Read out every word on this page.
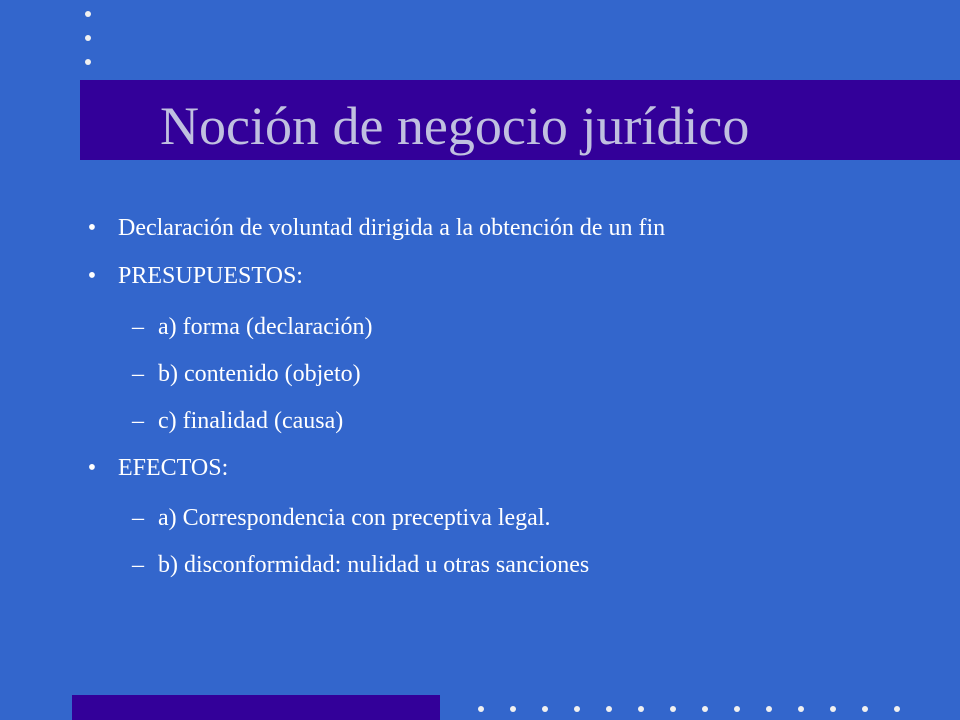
Noción de negocio jurídico
• Declaración de voluntad dirigida a la obtención de un fin
• PRESUPUESTOS:
– a) forma (declaración)
– b) contenido (objeto)
– c) finalidad (causa)
• EFECTOS:
– a) Correspondencia con preceptiva legal.
– b) disconformidad: nulidad u otras sanciones
